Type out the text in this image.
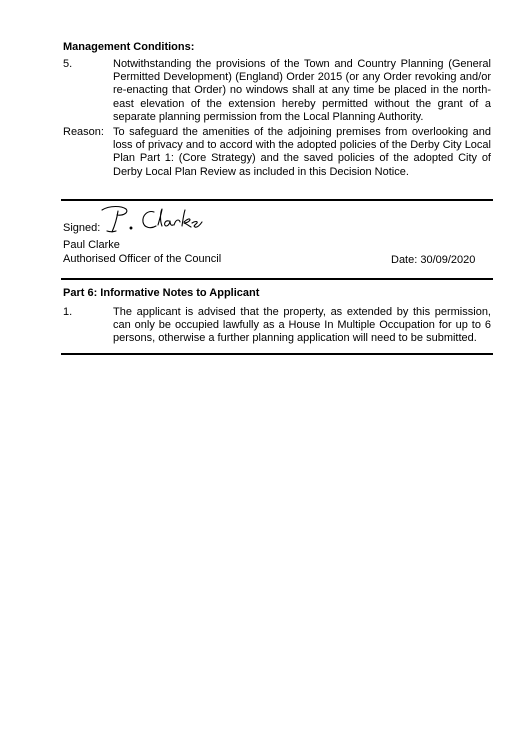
Management Conditions:
5.	Notwithstanding the provisions of the Town and Country Planning (General Permitted Development) (England) Order 2015 (or any Order revoking and/or re-enacting that Order) no windows shall at any time be placed in the north-east elevation of the extension hereby permitted without the grant of a separate planning permission from the Local Planning Authority.
Reason: To safeguard the amenities of the adjoining premises from overlooking and loss of privacy and to accord with the adopted policies of the Derby City Local Plan Part 1: (Core Strategy) and the saved policies of the adopted City of Derby Local Plan Review as included in this Decision Notice.
Signed:
Paul Clarke
Authorised Officer of the Council	Date: 30/09/2020
Part 6: Informative Notes to Applicant
1.	The applicant is advised that the property, as extended by this permission, can only be occupied lawfully as a House In Multiple Occupation for up to 6 persons, otherwise a further planning application will need to be submitted.
